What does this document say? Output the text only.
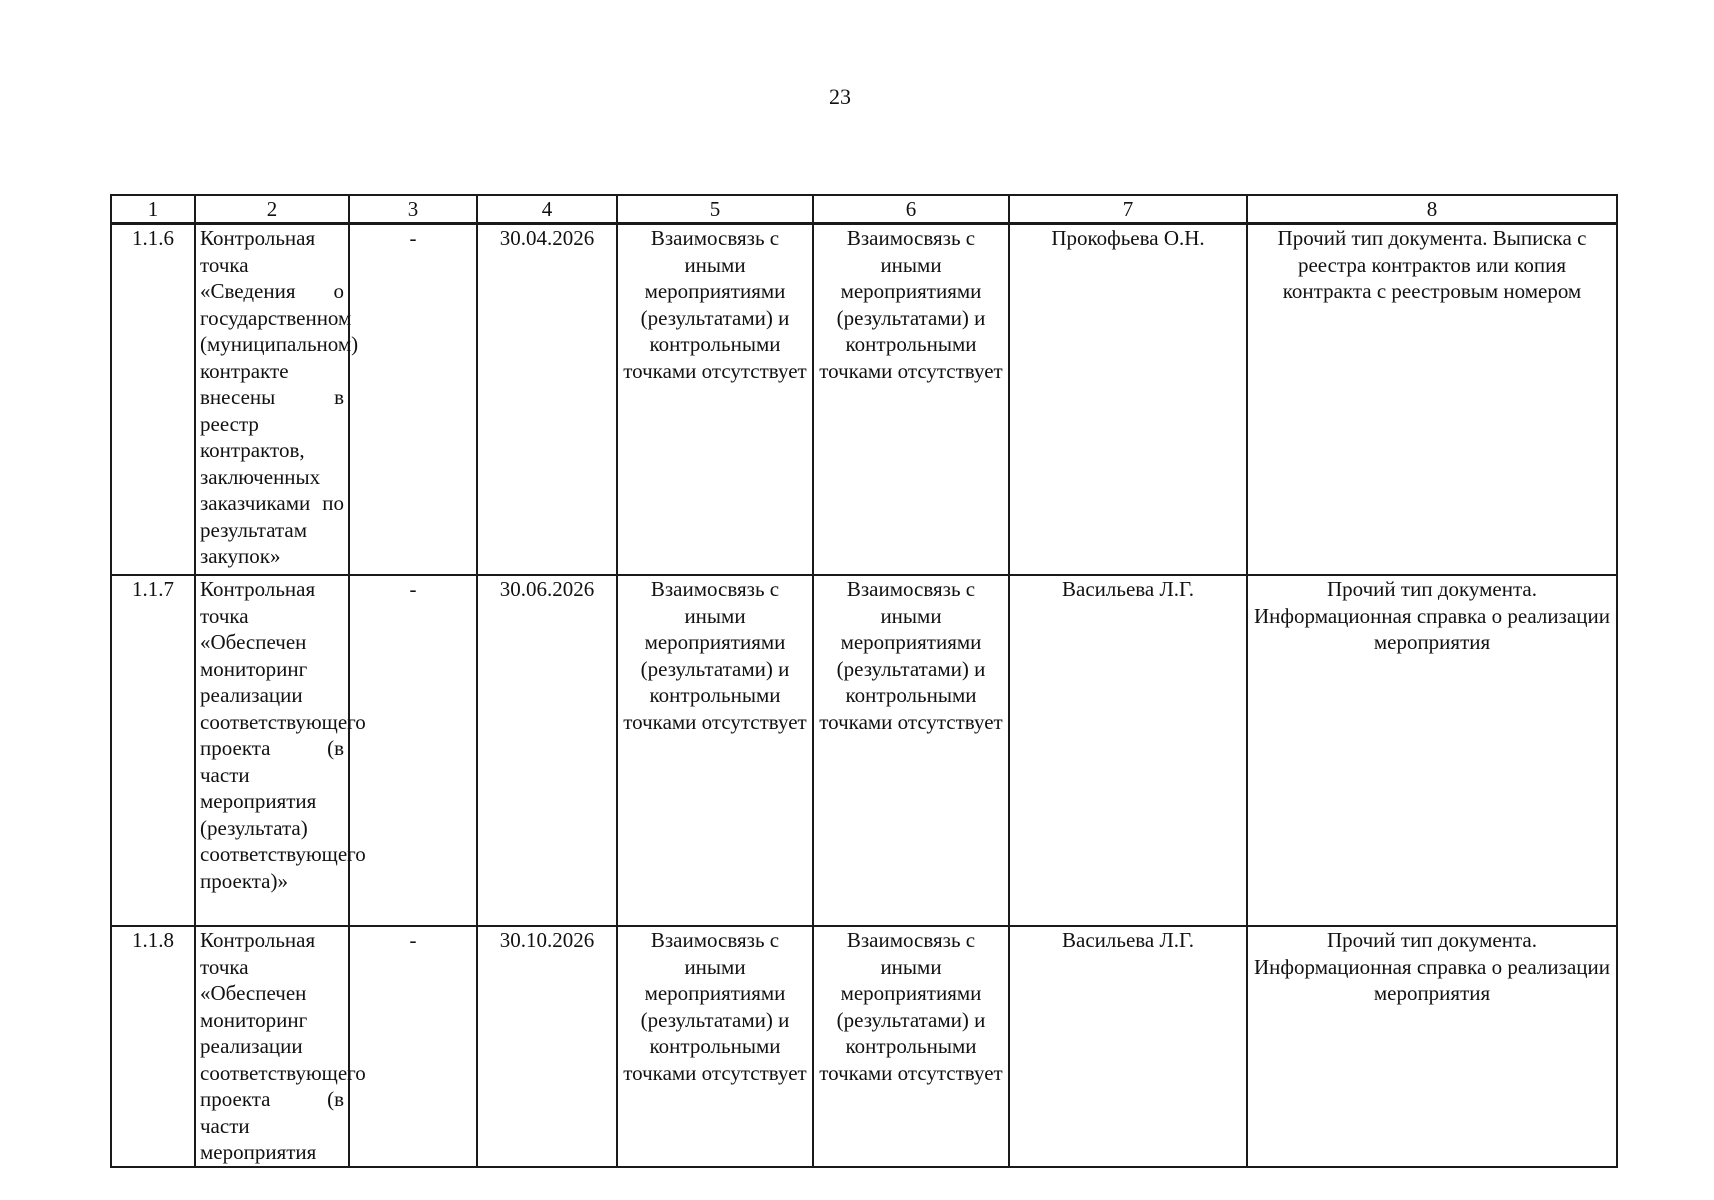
23
1	2	3	4	5	6	7	8
1.1.6	Контрольная точка «Сведения о государственном (муниципальном) контракте внесены в реестр контрактов, заключенных заказчиками по результатам закупок»	-	30.04.2026	Взаимосвязь с иными мероприятиями (результатами) и контрольными точками отсутствует	Взаимосвязь с иными мероприятиями (результатами) и контрольными точками отсутствует	Прокофьева О.Н.	Прочий тип документа. Выписка с реестра контрактов или копия контракта с реестровым номером
1.1.7	Контрольная точка «Обеспечен мониторинг реализации соответствующего проекта (в части мероприятия (результата) соответствующего проекта)»	-	30.06.2026	Взаимосвязь с иными мероприятиями (результатами) и контрольными точками отсутствует	Взаимосвязь с иными мероприятиями (результатами) и контрольными точками отсутствует	Васильева Л.Г.	Прочий тип документа. Информационная справка о реализации мероприятия
1.1.8	Контрольная точка «Обеспечен мониторинг реализации соответствующего проекта (в части мероприятия	-	30.10.2026	Взаимосвязь с иными мероприятиями (результатами) и контрольными точками отсутствует	Взаимосвязь с иными мероприятиями (результатами) и контрольными точками отсутствует	Васильева Л.Г.	Прочий тип документа. Информационная справка о реализации мероприятия
